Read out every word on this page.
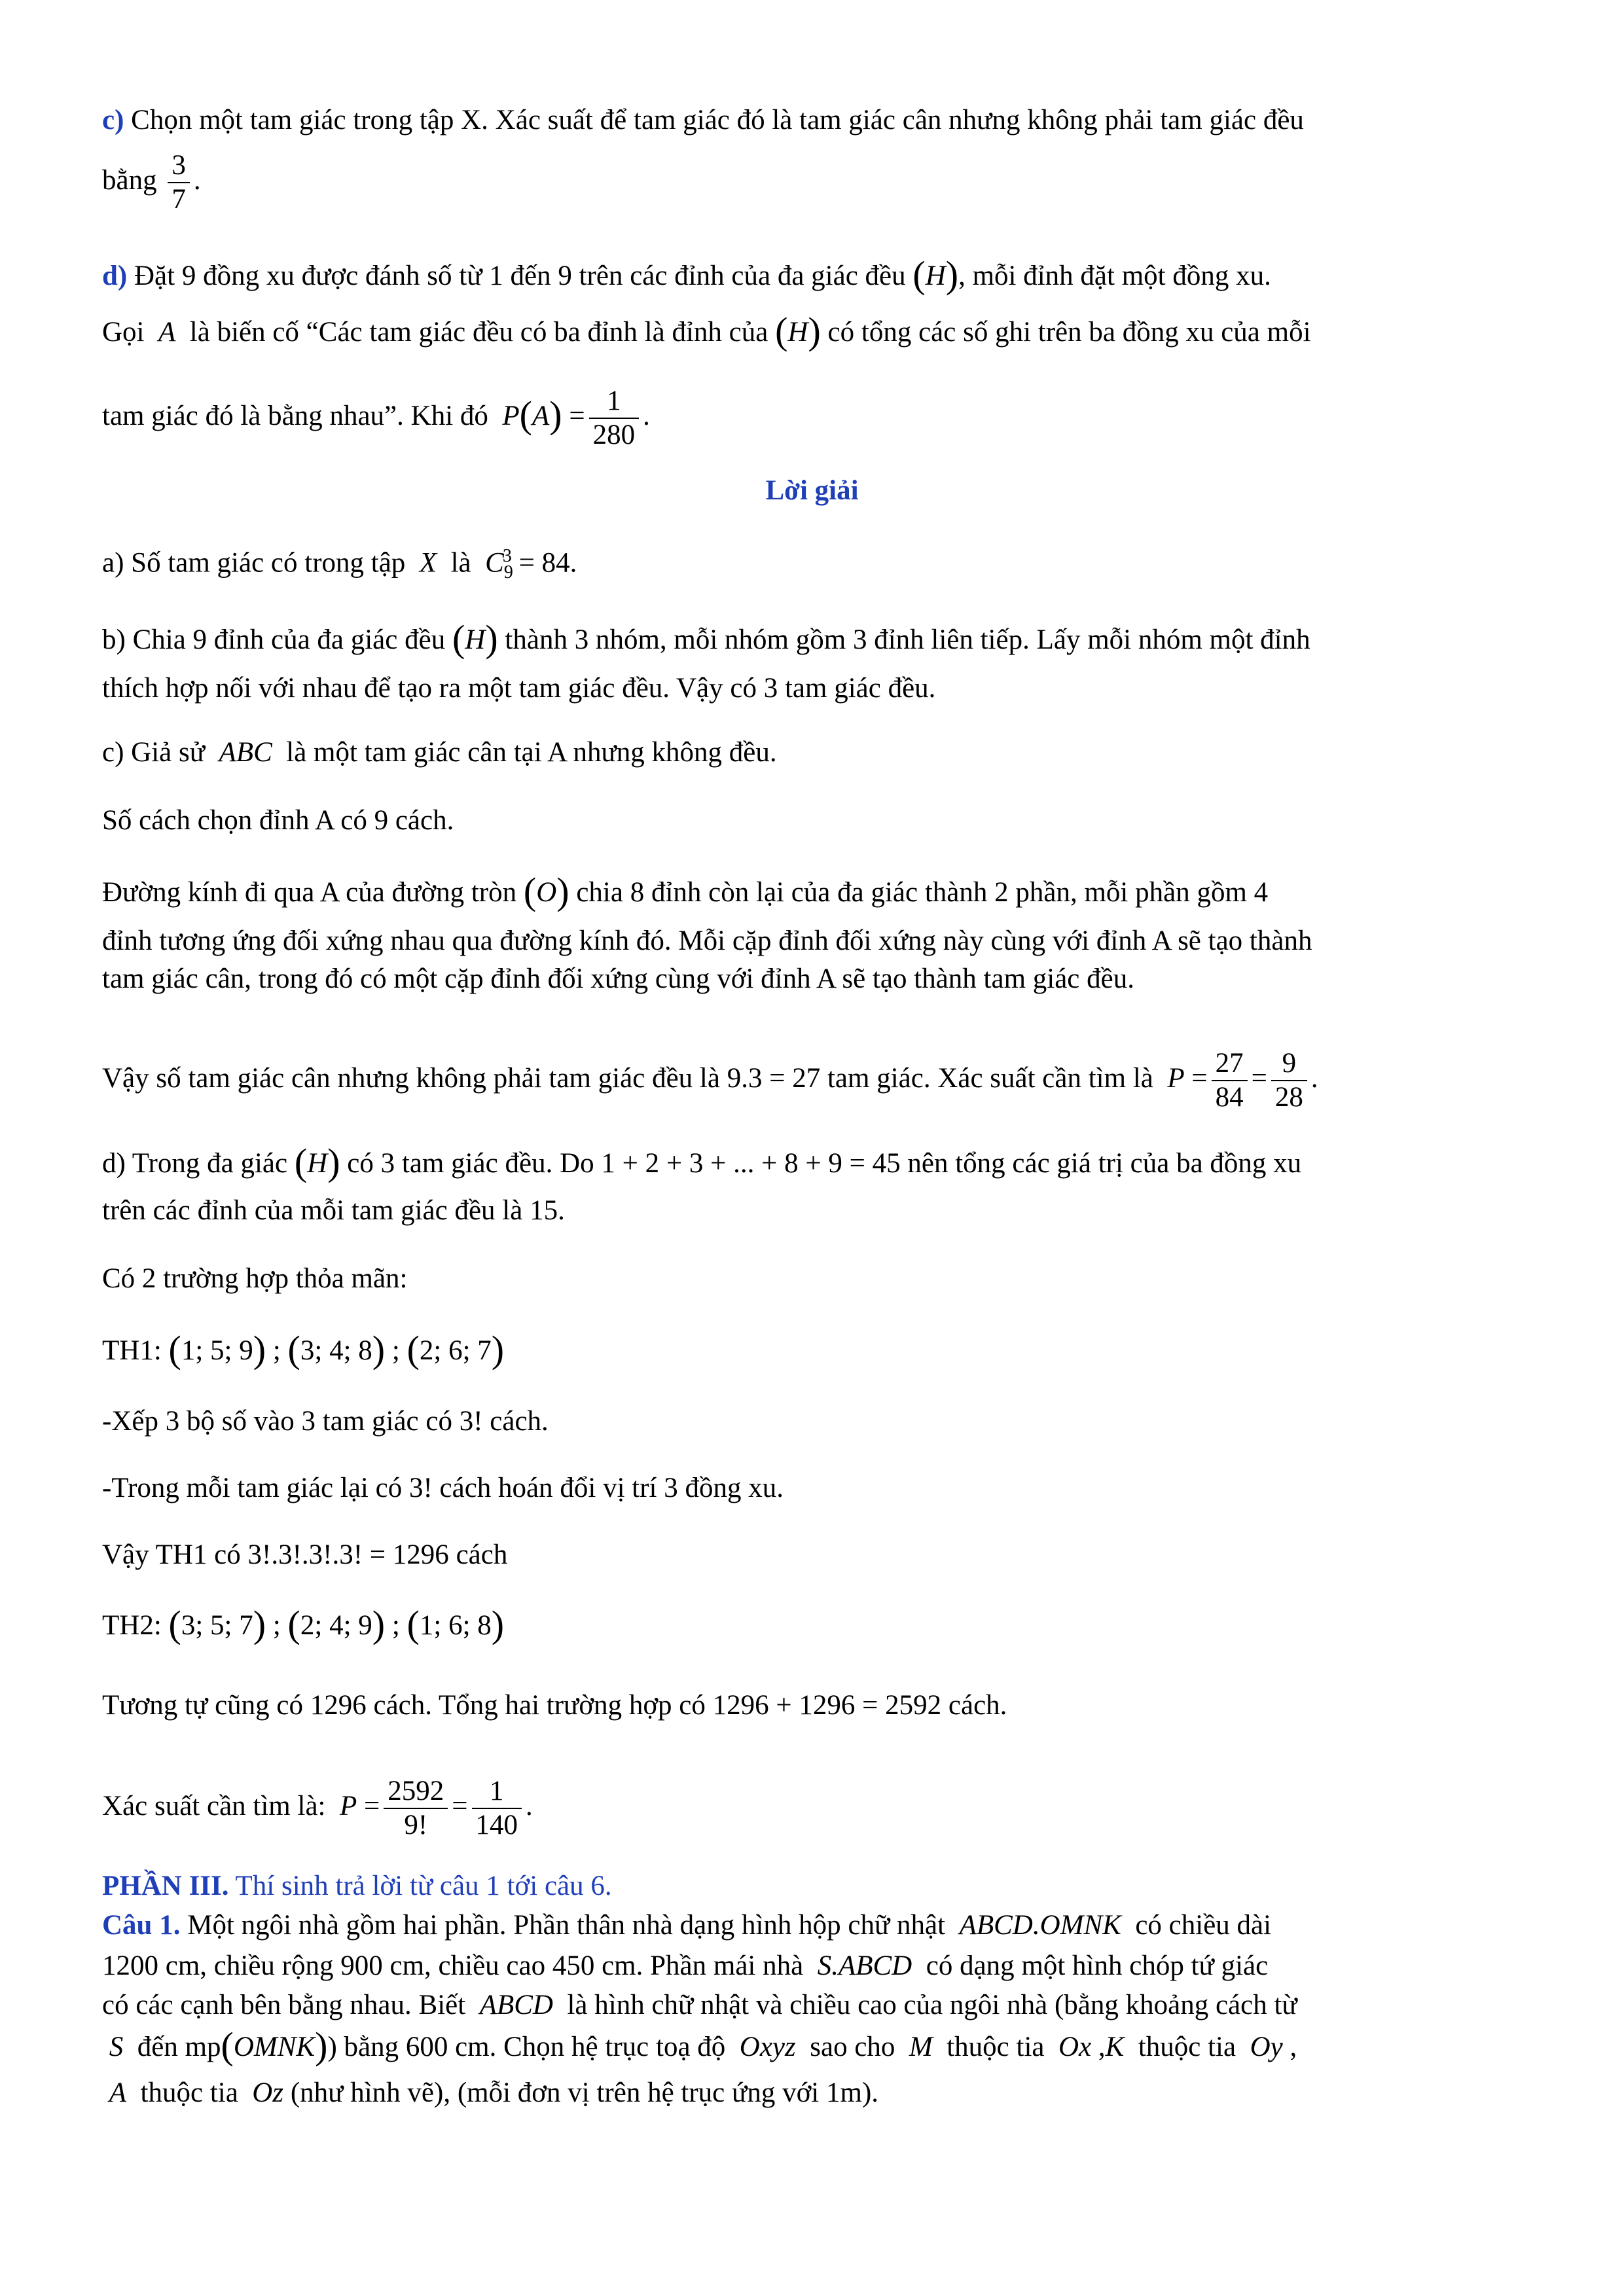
c) Chọn một tam giác trong tập X. Xác suất để tam giác đó là tam giác cân nhưng không phải tam giác đều
bằng $\frac{3}{7}$ .
d) Đặt 9 đồng xu được đánh số từ 1 đến 9 trên các đỉnh của đa giác đều (H), mỗi đỉnh đặt một đồng xu.
Gọi  A  là biến cố “Các tam giác đều có ba đỉnh là đỉnh của (H) có tổng các số ghi trên ba đồng xu của mỗi
tam giác đó là bằng nhau”. Khi đó  $P(A) = \frac{1}{280}$ .
Lời giải
a) Số tam giác có trong tập  X  là  $C_9^3 = 84$.
b) Chia 9 đỉnh của đa giác đều (H) thành 3 nhóm, mỗi nhóm gồm 3 đỉnh liên tiếp. Lấy mỗi nhóm một đỉnh
thích hợp nối với nhau để tạo ra một tam giác đều. Vậy có 3 tam giác đều.
c) Giả sử  ABC  là một tam giác cân tại A nhưng không đều.
Số cách chọn đỉnh A có 9 cách.
Đường kính đi qua A của đường tròn (O) chia 8 đỉnh còn lại của đa giác thành 2 phần, mỗi phần gồm 4
đỉnh tương ứng đối xứng nhau qua đường kính đó. Mỗi cặp đỉnh đối xứng này cùng với đỉnh A sẽ tạo thành
tam giác cân, trong đó có một cặp đỉnh đối xứng cùng với đỉnh A sẽ tạo thành tam giác đều.
Vậy số tam giác cân nhưng không phải tam giác đều là 9.3 = 27 tam giác. Xác suất cần tìm là  $P = \frac{27}{84} = \frac{9}{28}$ .
d) Trong đa giác (H) có 3 tam giác đều. Do 1 + 2 + 3 + ... + 8 + 9 = 45 nên tổng các giá trị của ba đồng xu
trên các đỉnh của mỗi tam giác đều là 15.
Có 2 trường hợp thỏa mãn:
TH1: (1; 5; 9) ; (3; 4; 8) ; (2; 6; 7)
-Xếp 3 bộ số vào 3 tam giác có 3! cách.
-Trong mỗi tam giác lại có 3! cách hoán đổi vị trí 3 đồng xu.
Vậy TH1 có 3!.3!.3!.3! = 1296 cách
TH2: (3; 5; 7) ; (2; 4; 9) ; (1; 6; 8)
Tương tự cũng có 1296 cách. Tổng hai trường hợp có 1296 + 1296 = 2592 cách.
Xác suất cần tìm là:  $P = \frac{2592}{9!} = \frac{1}{140}$ .
PHẦN III. Thí sinh trả lời từ câu 1 tới câu 6.
Câu 1. Một ngôi nhà gồm hai phần. Phần thân nhà dạng hình hộp chữ nhật  ABCD.OMNK  có chiều dài
1200 cm, chiều rộng 900 cm, chiều cao 450 cm. Phần mái nhà  S.ABCD  có dạng một hình chóp tứ giác
có các cạnh bên bằng nhau. Biết  ABCD  là hình chữ nhật và chiều cao của ngôi nhà (bằng khoảng cách từ
S  đến mp(OMNK)) bằng 600 cm. Chọn hệ trục toạ độ  Oxyz  sao cho  M  thuộc tia  Ox ,K  thuộc tia  Oy ,
A  thuộc tia  Oz (như hình vẽ), (mỗi đơn vị trên hệ trục ứng với 1m).
